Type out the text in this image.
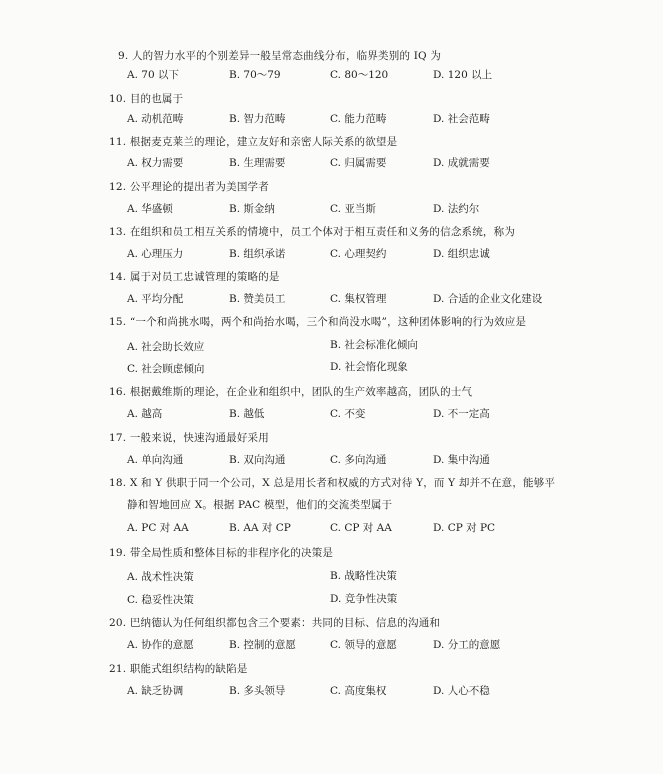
9. 人的智力水平的个别差异一般呈常态曲线分布，临界类别的 IQ 为
A. 70 以下	B. 70～79	C. 80～120	D. 120 以上
10. 目的也属于
A. 动机范畴	B. 智力范畴	C. 能力范畴	D. 社会范畴
11. 根据麦克莱兰的理论，建立友好和亲密人际关系的欲望是
A. 权力需要	B. 生理需要	C. 归属需要	D. 成就需要
12. 公平理论的提出者为美国学者
A. 华盛顿	B. 斯金纳	C. 亚当斯	D. 法约尔
13. 在组织和员工相互关系的情境中，员工个体对于相互责任和义务的信念系统，称为
A. 心理压力	B. 组织承诺	C. 心理契约	D. 组织忠诚
14. 属于对员工忠诚管理的策略的是
A. 平均分配	B. 赞美员工	C. 集权管理	D. 合适的企业文化建设
15. “一个和尚挑水喝，两个和尚抬水喝，三个和尚没水喝”，这种团体影响的行为效应是
A. 社会助长效应	B. 社会标准化倾向
C. 社会顾虑倾向	D. 社会惰化现象
16. 根据戴维斯的理论，在企业和组织中，团队的生产效率越高，团队的士气
A. 越高	B. 越低	C. 不变	D. 不一定高
17. 一般来说，快速沟通最好采用
A. 单向沟通	B. 双向沟通	C. 多向沟通	D. 集中沟通
18. X 和 Y 供职于同一个公司，X 总是用长者和权威的方式对待 Y，而 Y 却并不在意，能够平
静和智地回应 X。根据 PAC 模型，他们的交流类型属于
A. PC 对 AA	B. AA 对 CP	C. CP 对 AA	D. CP 对 PC
19. 带全局性质和整体目标的非程序化的决策是
A. 战术性决策	B. 战略性决策
C. 稳妥性决策	D. 竞争性决策
20. 巴纳德认为任何组织都包含三个要素：共同的目标、信息的沟通和
A. 协作的意愿	B. 控制的意愿	C. 领导的意愿	D. 分工的意愿
21. 职能式组织结构的缺陷是
A. 缺乏协调	B. 多头领导	C. 高度集权	D. 人心不稳
